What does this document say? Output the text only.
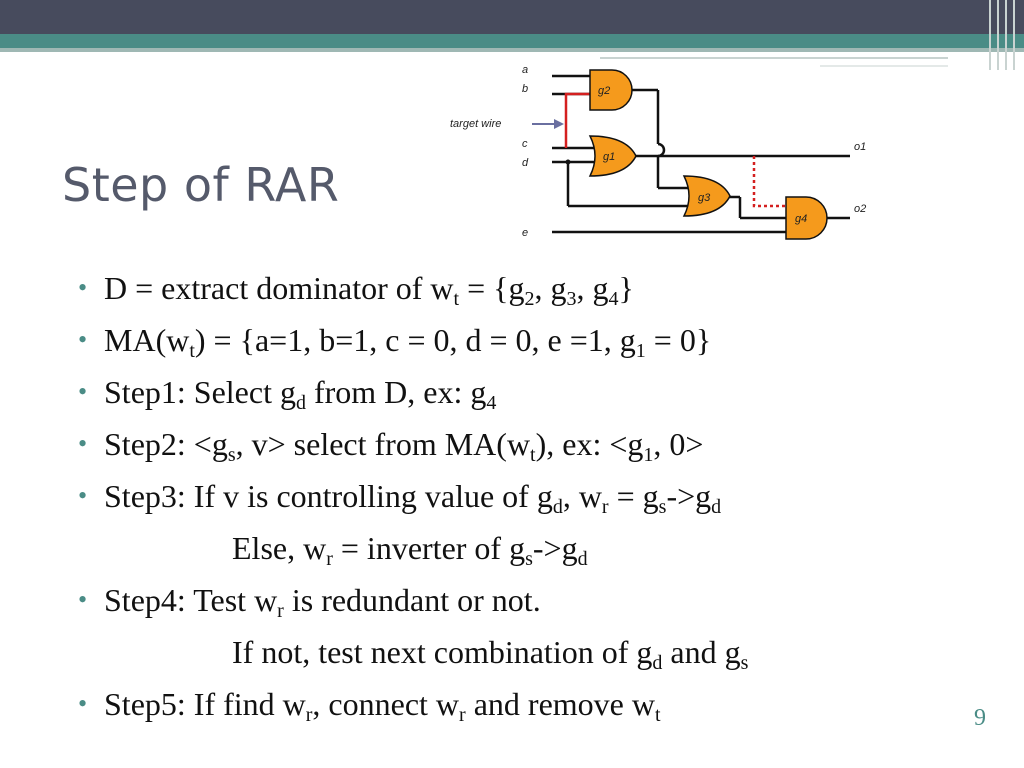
Step of RAR
a
b
c
d
e
target wire
g2
g1
g3
g4
o1
o2
• D = extract dominator of $w_t = \{g_2$, $g_3$, $g_4$}
• $MA(w_t) = \{a=1$, b=1, c = 0, d = 0, e =1, $g_1 = 0$}
• Step1: Select $g_d$ from D, ex: $g_4$
• Step2: $<g_s$, v> select from $MA(w_t)$, ex: $<g_1$, 0>
• Step3: If v is controlling value of $g_d$, $w_r = g_s->g_d$
Else, $w_r$ = inverter of $g_s->g_d$
• Step4: Test $w_r$ is redundant or not.
If not, test next combination of $g_d$ and $g_s$
• Step5: If find $w_r$, connect $w_r$ and remove $w_t$	9
